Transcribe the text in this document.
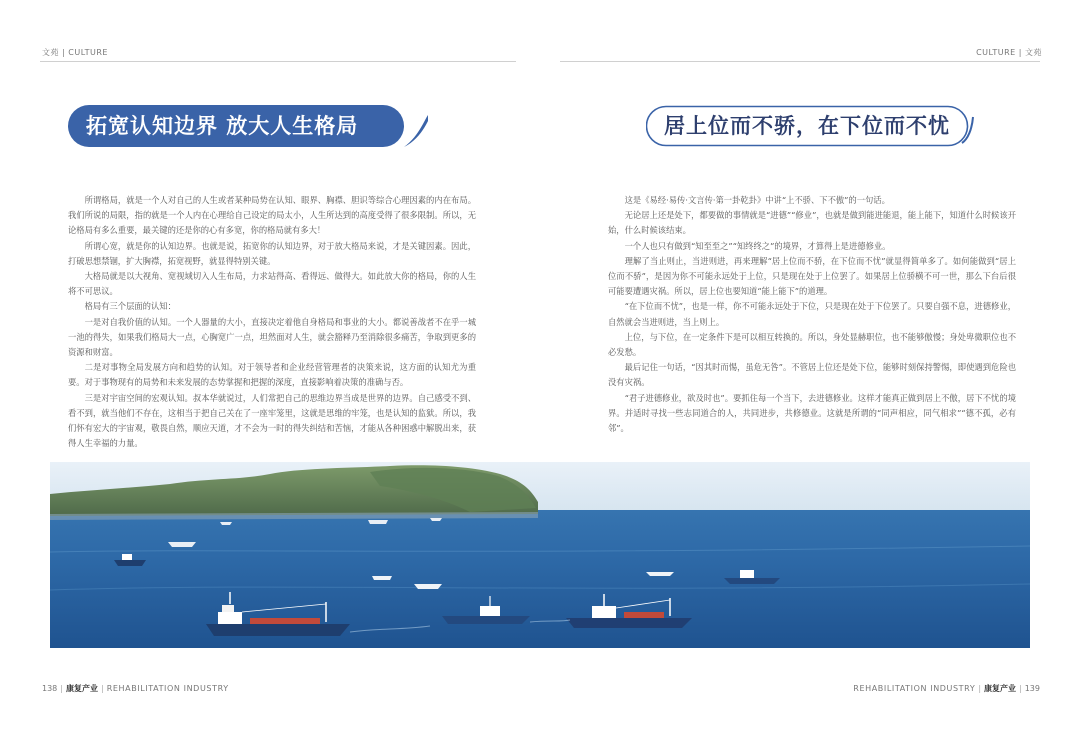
文苑 | CULTURE	CULTURE | 文苑
拓宽认知边界 放大人生格局	居上位而不骄，在下位而不忧

所谓格局，就是一个人对自己的人生或者某种局势在认知、眼界、胸襟、胆识等综合心理因素的内在布局。我们所说的局限，指的就是一个人内在心理给自己设定的局太小，人生所达到的高度受得了很多限制。所以，无论格局有多么重要，最关键的还是你的心有多宽，你的格局就有多大！

所谓心宽，就是你的认知边界。也就是说，拓宽你的认知边界，对于放大格局来说，才是关键因素。因此，打破思想禁锢，扩大胸襟，拓宽视野，就显得特别关键。

大格局就是以大视角、宽视域切入人生布局，力求站得高、看得远、做得大。如此放大你的格局，你的人生将不可思议。

格局有三个层面的认知：

一是对自我价值的认知。一个人器量的大小，直接决定着他自身格局和事业的大小。都说善战者不在乎一城一池的得失，如果我们格局大一点，心胸宽广一点，坦然面对人生，就会豁释乃至消除很多痛苦，争取到更多的资源和财富。

二是对事物全局发展方向和趋势的认知。对于领导者和企业经营管理者的决策来说，这方面的认知尤为重要。对于事物现有的局势和未来发展的态势掌握和把握的深度，直接影响着决策的准确与否。

三是对宇宙空间的宏观认知。叔本华就说过，人们常把自己的思维边界当成是世界的边界。自己感受不到、看不到，就当他们不存在，这相当于把自己关在了一座牢笼里，这就是思维的牢笼，也是认知的监狱。所以，我们怀有宏大的宇宙观，敬畏自然，顺应天道，才不会为一时的得失纠结和苦恼，才能从各种困惑中解脱出来，获得人生幸福的力量。

这是《易经·易传·文言传·第一卦乾卦》中讲“上不骄、下不傲”的一句话。

无论居上还是处下，都要做的事情就是“进德”“修业”，也就是做到能进能退，能上能下，知道什么时候该开始，什么时候该结束。

一个人也只有做到“知至至之”“知终终之”的境界，才算得上是进德修业。

理解了当止则止，当进则进，再来理解“居上位而不骄，在下位而不忧”就显得简单多了。如何能做到“居上位而不骄”，是因为你不可能永远处于上位，只是现在处于上位罢了。如果居上位骄横不可一世，那么下台后很可能要遭遇灾祸。所以，居上位也要知道“能上能下”的道理。

“在下位而不忧”，也是一样，你不可能永远处于下位，只是现在处于下位罢了。只要自强不息，进德修业，自然就会当进则进，当上则上。

上位，与下位，在一定条件下是可以相互转换的。所以，身处显赫职位，也不能够傲慢；身处卑微职位也不必发愁。

最后记住一句话，“因其时而惕，虽危无咎”。不管居上位还是处下位，能够时刻保持警惕，即使遇到危险也没有灾祸。

“君子进德修业，欲及时也”。要抓住每一个当下，去进德修业。这样才能真正做到居上不傲，居下不忧的境界。并适时寻找一些志同道合的人，共同进步，共修德业。这就是所谓的“同声相应，同气相求”“德不孤，必有邻”。

138 | 康复产业 | REHABILITATION INDUSTRY	REHABILITATION INDUSTRY | 康复产业 | 139
